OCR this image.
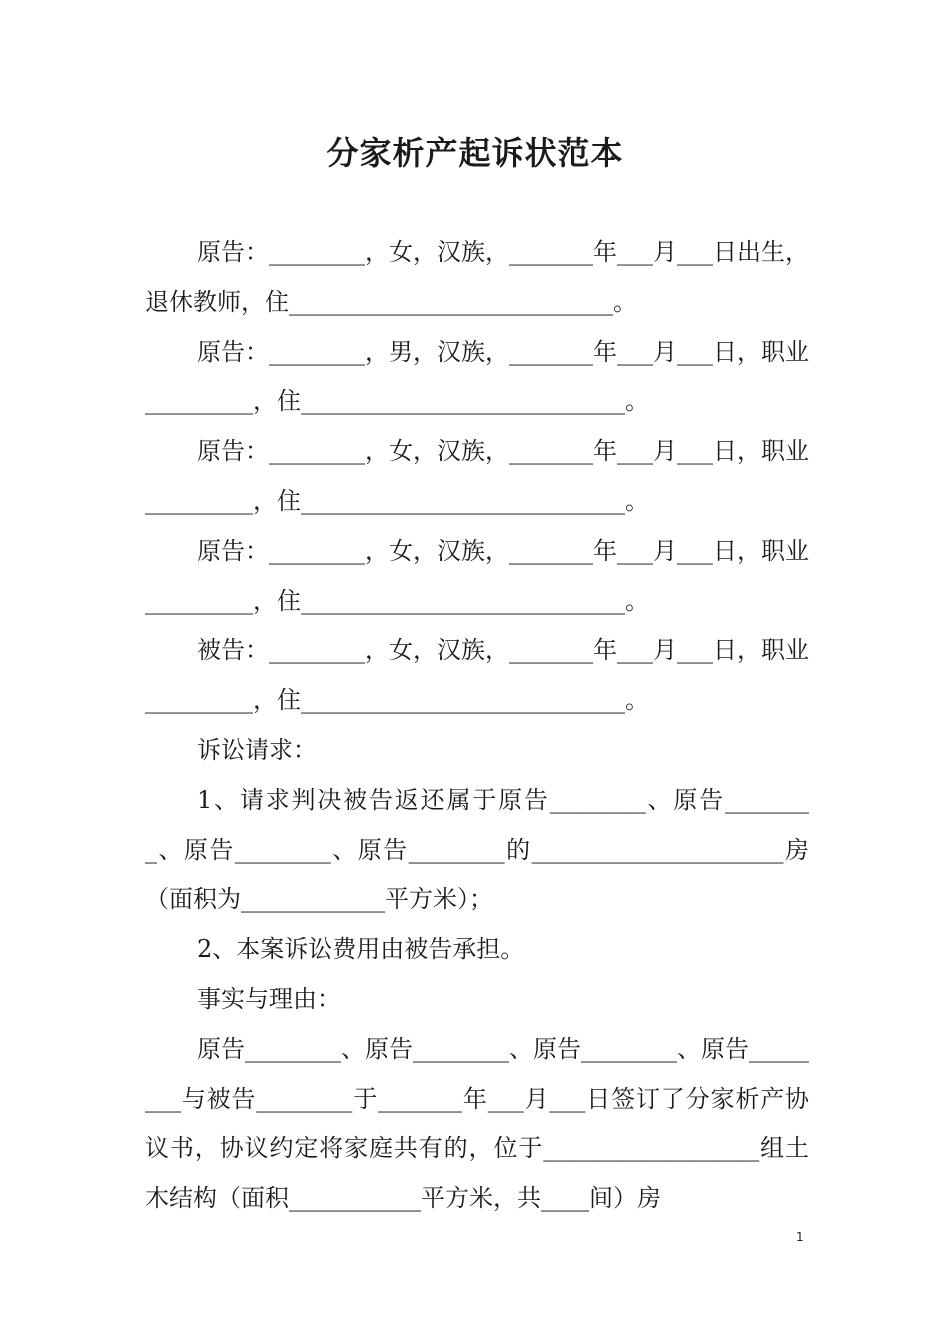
分家析产起诉状范本

原告：________，女，汉族，_______年___月___日出生，退休教师，住___________________________。

原告：________，男，汉族，_______年___月___日，职业_________，住___________________________。

原告：________，女，汉族，_______年___月___日，职业_________，住___________________________。

原告：________，女，汉族，_______年___月___日，职业_________，住___________________________。

被告：________，女，汉族，_______年___月___日，职业_________，住___________________________。

诉讼请求：

1、请求判决被告返还属于原告________、原告________、原告________、原告________的_____________________房（面积为____________平方米）；

2、本案诉讼费用由被告承担。

事实与理由：

原告________、原告________、原告________、原告________与被告________于_______年___月___日签订了分家析产协议书，协议约定将家庭共有的，位于__________________组土木结构（面积___________平方米，共____间）房

1
